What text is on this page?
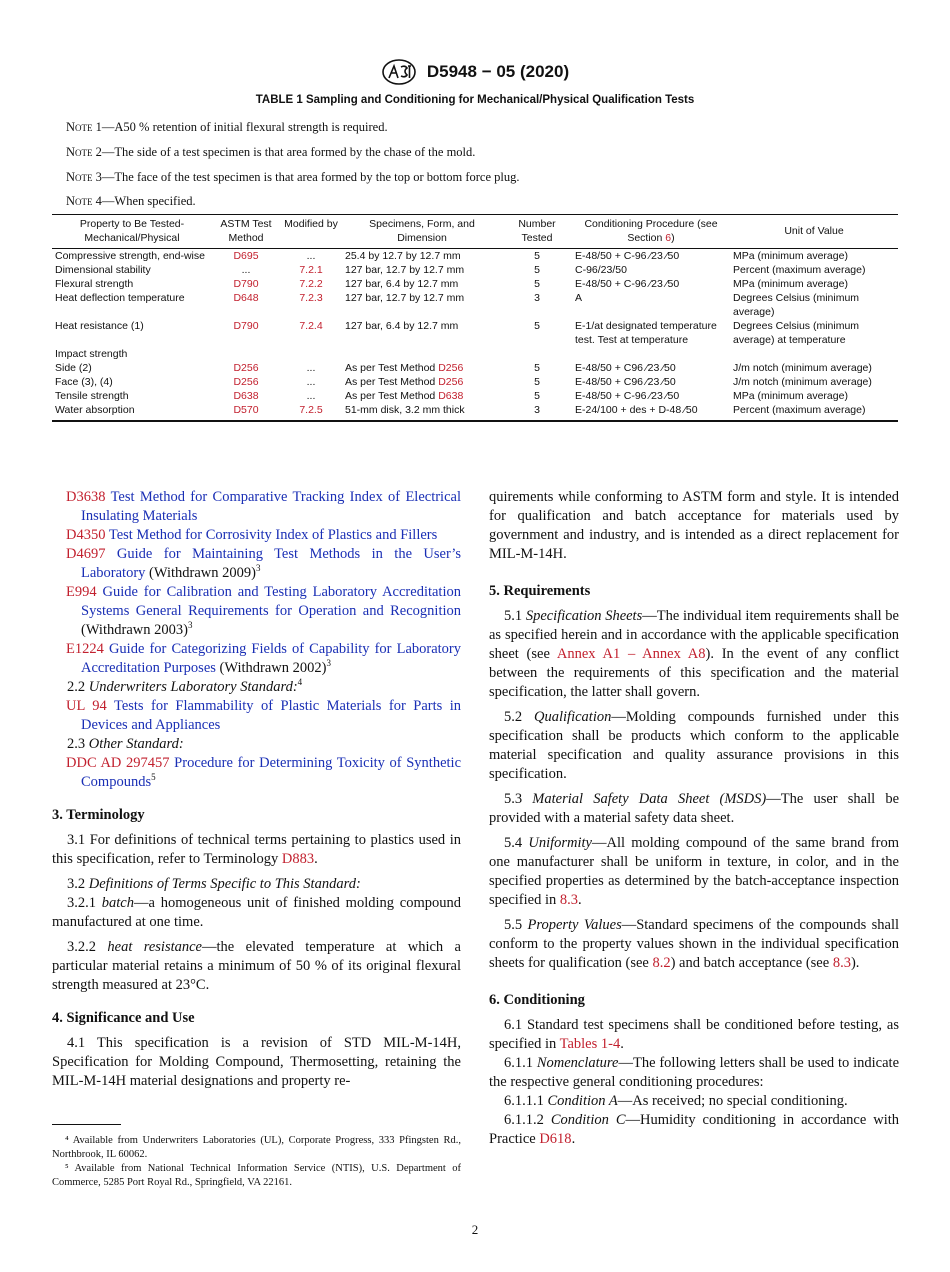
D5948 − 05 (2020)
TABLE 1 Sampling and Conditioning for Mechanical/Physical Qualification Tests
Note 1—A50 % retention of initial flexural strength is required.
Note 2—The side of a test specimen is that area formed by the chase of the mold.
Note 3—The face of the test specimen is that area formed by the top or bottom force plug.
Note 4—When specified.
Property to Be Tested-Mechanical/Physical	ASTM Test Method	Modified by	Specimens, Form, and Dimension	Number Tested	Conditioning Procedure (see Section 6)	Unit of Value
Compressive strength, end-wise	D695	...	25.4 by 12.7 by 12.7 mm	5	E-48/50 + C-96 ⁄23 ⁄50	MPa (minimum average)
Dimensional stability	...	7.2.1	127 bar, 12.7 by 12.7 mm	5	C-96/23/50	Percent (maximum average)
Flexural strength	D790	7.2.2	127 bar, 6.4 by 12.7 mm	5	E-48/50 + C-96 ⁄23 ⁄50	MPa (minimum average)
Heat deflection temperature	D648	7.2.3	127 bar, 12.7 by 12.7 mm	3	A	Degrees Celsius (minimum average)
Heat resistance (1)	D790	7.2.4	127 bar, 6.4 by 12.7 mm	5	E-1/at designated temperature test. Test at temperature	Degrees Celsius (minimum average) at temperature
Impact strength						
Side (2)	D256	...	As per Test Method D256	5	E-48/50 + C96 ⁄23 ⁄50	J/m notch (minimum average)
Face (3), (4)	D256	...	As per Test Method D256	5	E-48/50 + C96 ⁄23 ⁄50	J/m notch (minimum average)
Tensile strength	D638	...	As per Test Method D638	5	E-48/50 + C-96 ⁄23 ⁄50	MPa (minimum average)
Water absorption	D570	7.2.5	51-mm disk, 3.2 mm thick	3	E-24/100 + des + D-48 ⁄50	Percent (maximum average)

D3638 Test Method for Comparative Tracking Index of Electrical Insulating Materials

D4350 Test Method for Corrosivity Index of Plastics and Fillers

D4697 Guide for Maintaining Test Methods in the User’s Laboratory (Withdrawn 2009)$^3$

E994 Guide for Calibration and Testing Laboratory Accreditation Systems General Requirements for Operation and Recognition (Withdrawn 2003)$^3$

E1224 Guide for Categorizing Fields of Capability for Laboratory Accreditation Purposes (Withdrawn 2002)$^3$

2.2 Underwriters Laboratory Standard:$^4$

UL 94 Tests for Flammability of Plastic Materials for Parts in Devices and Appliances

2.3 Other Standard:

DDC AD 297457 Procedure for Determining Toxicity of Synthetic Compounds$^5$

3. Terminology

3.1 For definitions of technical terms pertaining to plastics used in this specification, refer to Terminology D883.

3.2 Definitions of Terms Specific to This Standard:

3.2.1 batch—a homogeneous unit of finished molding compound manufactured at one time.

3.2.2 heat resistance—the elevated temperature at which a particular material retains a minimum of 50 % of its original flexural strength measured at 23°C.

4. Significance and Use

4.1 This specification is a revision of STD MIL-M-14H, Specification for Molding Compound, Thermosetting, retaining the MIL-M-14H material designations and property re-

quirements while conforming to ASTM form and style. It is intended for qualification and batch acceptance for materials used by government and industry, and is intended as a direct replacement for MIL-M-14H.

5. Requirements

5.1 Specification Sheets—The individual item requirements shall be as specified herein and in accordance with the applicable specification sheet (see Annex A1 – Annex A8). In the event of any conflict between the requirements of this specification and the material specification, the latter shall govern.

5.2 Qualification—Molding compounds furnished under this specification shall be products which conform to the applicable material specification and quality assurance provisions in this specification.

5.3 Material Safety Data Sheet (MSDS)—The user shall be provided with a material safety data sheet.

5.4 Uniformity—All molding compound of the same brand from one manufacturer shall be uniform in texture, in color, and in the specified properties as determined by the batch-acceptance inspection specified in 8.3.

5.5 Property Values—Standard specimens of the compounds shall conform to the property values shown in the individual specification sheets for qualification (see 8.2) and batch acceptance (see 8.3).

6. Conditioning

6.1 Standard test specimens shall be conditioned before testing, as specified in Tables 1-4.

6.1.1 Nomenclature—The following letters shall be used to indicate the respective general conditioning procedures:

6.1.1.1 Condition A—As received; no special conditioning.

6.1.1.2 Condition C—Humidity conditioning in accordance with Practice D618.

⁴ Available from Underwriters Laboratories (UL), Corporate Progress, 333 Pfingsten Rd., Northbrook, IL 60062.

⁵ Available from National Technical Information Service (NTIS), U.S. Department of Commerce, 5285 Port Royal Rd., Springfield, VA 22161.

2
